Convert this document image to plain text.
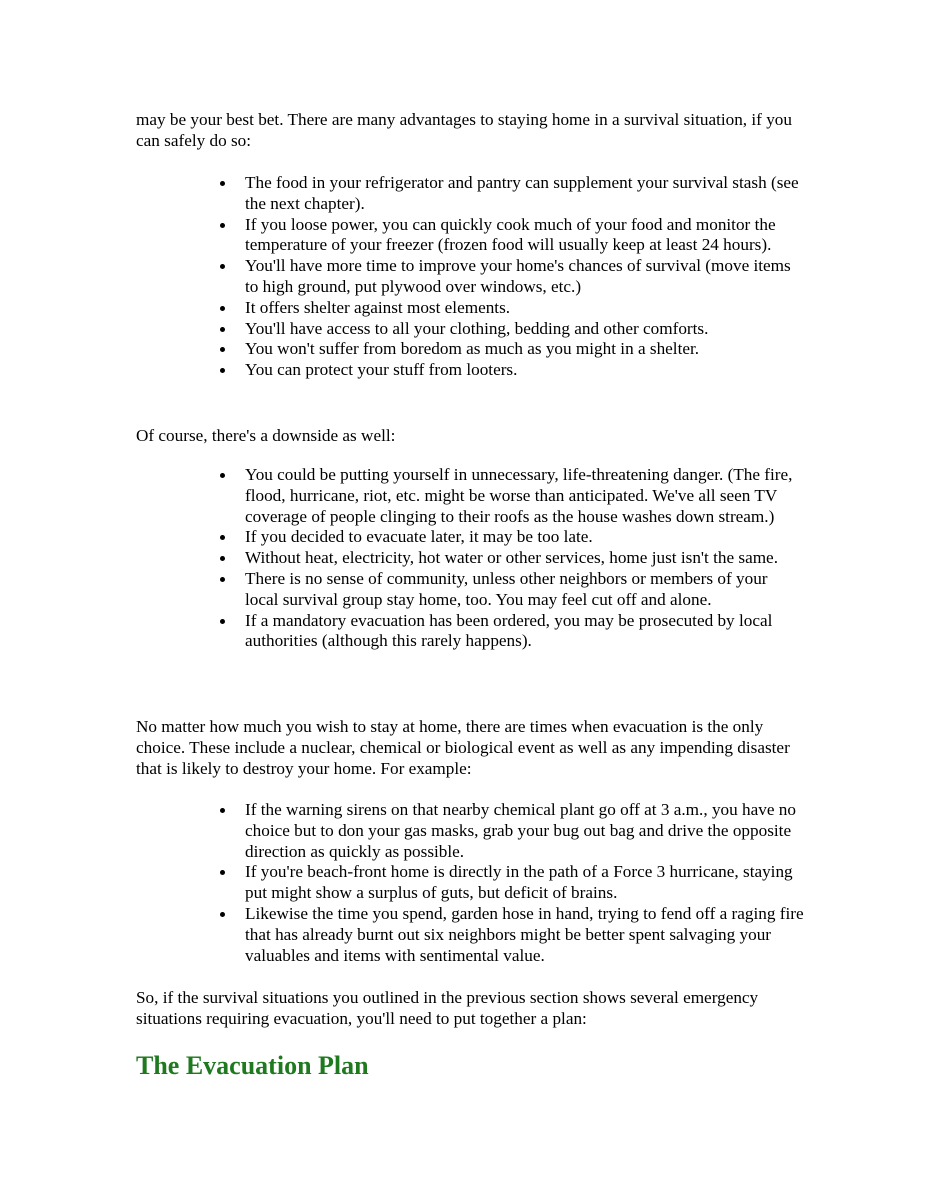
may be your best bet. There are many advantages to staying home in a survival situation, if you can safely do so:

The food in your refrigerator and pantry can supplement your survival stash (see the next chapter).
If you loose power, you can quickly cook much of your food and monitor the temperature of your freezer (frozen food will usually keep at least 24 hours).
You'll have more time to improve your home's chances of survival (move items to high ground, put plywood over windows, etc.)
It offers shelter against most elements.
You'll have access to all your clothing, bedding and other comforts.
You won't suffer from boredom as much as you might in a shelter.
You can protect your stuff from looters.

Of course, there's a downside as well:

You could be putting yourself in unnecessary, life-threatening danger. (The fire, flood, hurricane, riot, etc. might be worse than anticipated. We've all seen TV coverage of people clinging to their roofs as the house washes down stream.)
If you decided to evacuate later, it may be too late.
Without heat, electricity, hot water or other services, home just isn't the same.
There is no sense of community, unless other neighbors or members of your local survival group stay home, too. You may feel cut off and alone.
If a mandatory evacuation has been ordered, you may be prosecuted by local authorities (although this rarely happens).

No matter how much you wish to stay at home, there are times when evacuation is the only choice. These include a nuclear, chemical or biological event as well as any impending disaster that is likely to destroy your home. For example:

If the warning sirens on that nearby chemical plant go off at 3 a.m., you have no choice but to don your gas masks, grab your bug out bag and drive the opposite direction as quickly as possible.
If you're beach-front home is directly in the path of a Force 3 hurricane, staying put might show a surplus of guts, but deficit of brains.
Likewise the time you spend, garden hose in hand, trying to fend off a raging fire that has already burnt out six neighbors might be better spent salvaging your valuables and items with sentimental value.

So, if the survival situations you outlined in the previous section shows several emergency situations requiring evacuation, you'll need to put together a plan:

The Evacuation Plan
